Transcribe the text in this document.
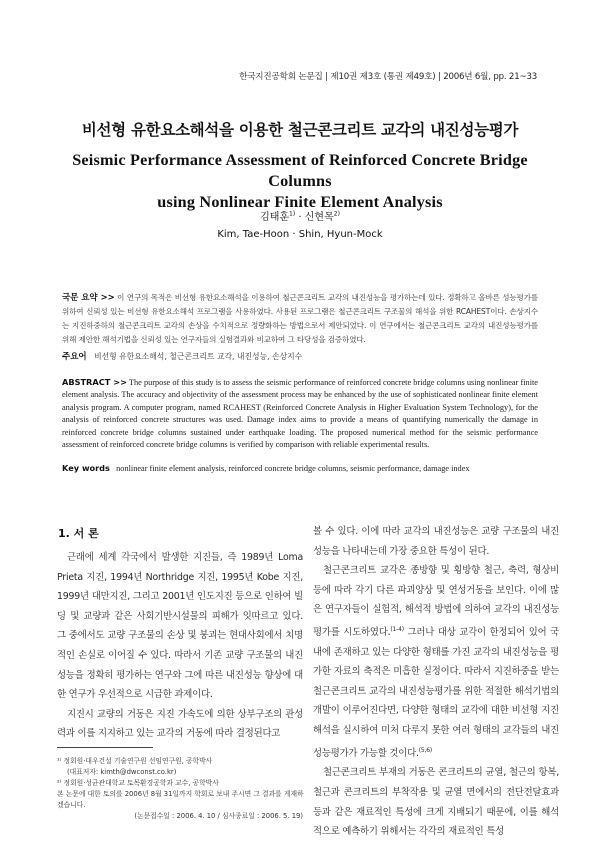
한국지진공학회 논문집 | 제10권 제3호 (통권 제49호) | 2006년 6월, pp. 21~33
비선형 유한요소해석을 이용한 철근콘크리트 교각의 내진성능평가
Seismic Performance Assessment of Reinforced Concrete Bridge Columns
using Nonlinear Finite Element Analysis
김태훈$^{1)}$ · 신현목$^{2)}$
Kim, Tae-Hoon · Shin, Hyun-Mock
국문 요약 >> 이 연구의 목적은 비선형 유한요소해석을 이용하여 철근콘크리트 교각의 내진성능을 평가하는데 있다. 정확하고 올바른 성능평가를 위하여 신뢰성 있는 비선형 유한요소해석 프로그램을 사용하였다. 사용된 프로그램은 철근콘크리트 구조물의 해석을 위한 RCAHEST이다. 손상지수는 지진하중하의 철근콘크리트 교각의 손상을 수치적으로 정량화하는 방법으로서 제안되었다. 이 연구에서는 철근콘크리트 교각의 내진성능평가를 위해 제안한 해석기법을 신뢰성 있는 연구자들의 실험결과와 비교하여 그 타당성을 검증하였다.
주요어 비선형 유한요소해석, 철근콘크리트 교각, 내진성능, 손상지수
ABSTRACT >> The purpose of this study is to assess the seismic performance of reinforced concrete bridge columns using nonlinear finite element analysis. The accuracy and objectivity of the assessment process may be enhanced by the use of sophisticated nonlinear finite element analysis program. A computer program, named RCAHEST (Reinforced Concrete Analysis in Higher Evaluation System Technology), for the analysis of reinforced concrete structures was used. Damage index aims to provide a means of quantifying numerically the damage in reinforced concrete bridge columns sustained under earthquake loading. The proposed numerical method for the seismic performance assessment of reinforced concrete bridge columns is verified by comparison with reliable experimental results.
Key words nonlinear finite element analysis, reinforced concrete bridge columns, seismic performance, damage index
1. 서 론
근래에 세계 각국에서 발생한 지진들, 즉 1989년 Loma Prieta 지진, 1994년 Northridge 지진, 1995년 Kobe 지진, 1999년 대만지진, 그리고 2001년 인도지진 등으로 인하여 빌딩 및 교량과 같은 사회기반시설물의 피해가 잇따르고 있다. 그 중에서도 교량 구조물의 손상 및 붕괴는 현대사회에서 치명적인 손실로 이어질 수 있다. 따라서 기존 교량 구조물의 내진성능을 정확히 평가하는 연구와 그에 따른 내진성능 향상에 대한 연구가 우선적으로 시급한 과제이다.
지진시 교량의 거동은 지진 가속도에 의한 상부구조의 관성력과 이를 지지하고 있는 교각의 거동에 따라 결정된다고
볼 수 있다. 이에 따라 교각의 내진성능은 교량 구조물의 내진성능을 나타내는데 가장 중요한 특성이 된다.
철근콘크리트 교각은 종방향 및 횡방향 철근, 축력, 형상비 등에 따라 각기 다른 파괴양상 및 연성거동을 보인다. 이에 많은 연구자들이 실험적, 해석적 방법에 의하여 교각의 내진성능평가를 시도하였다.$^{(1-4)}$ 그러나 대상 교각이 한정되어 있어 국내에 존재하고 있는 다양한 형태를 가진 교각의 내진성능을 평가한 자료의 축적은 미흡한 실정이다. 따라서 지진하중을 받는 철근콘크리트 교각의 내진성능평가를 위한 적절한 해석기법의 개발이 이루어진다면, 다양한 형태의 교각에 대한 비선형 지진해석을 실시하여 미처 다루지 못한 여러 형태의 교각들의 내진성능평가가 가능할 것이다.$^{(5,6)}$
철근콘크리트 부재의 거동은 콘크리트의 균열, 철근의 항복, 철근과 콘크리트의 부착작용 및 균열 면에서의 전단전달효과 등과 같은 재료적인 특성에 크게 지배되기 때문에, 이를 해석적으로 예측하기 위해서는 각각의 재료적인 특성
¹⁾ 정회원·대우건설 기술연구원 선임연구원, 공학박사
(대표저자: kimth@dwconst.co.kr)
²⁾ 정회원·성균관대학교 토목환경공학과 교수, 공학박사
본 논문에 대한 토의를 2006년 8월 31일까지 학회로 보내 주시면 그 결과를 게재하겠습니다.
(논문접수일 : 2006. 4. 10 / 심사종료일 : 2006. 5. 19)
